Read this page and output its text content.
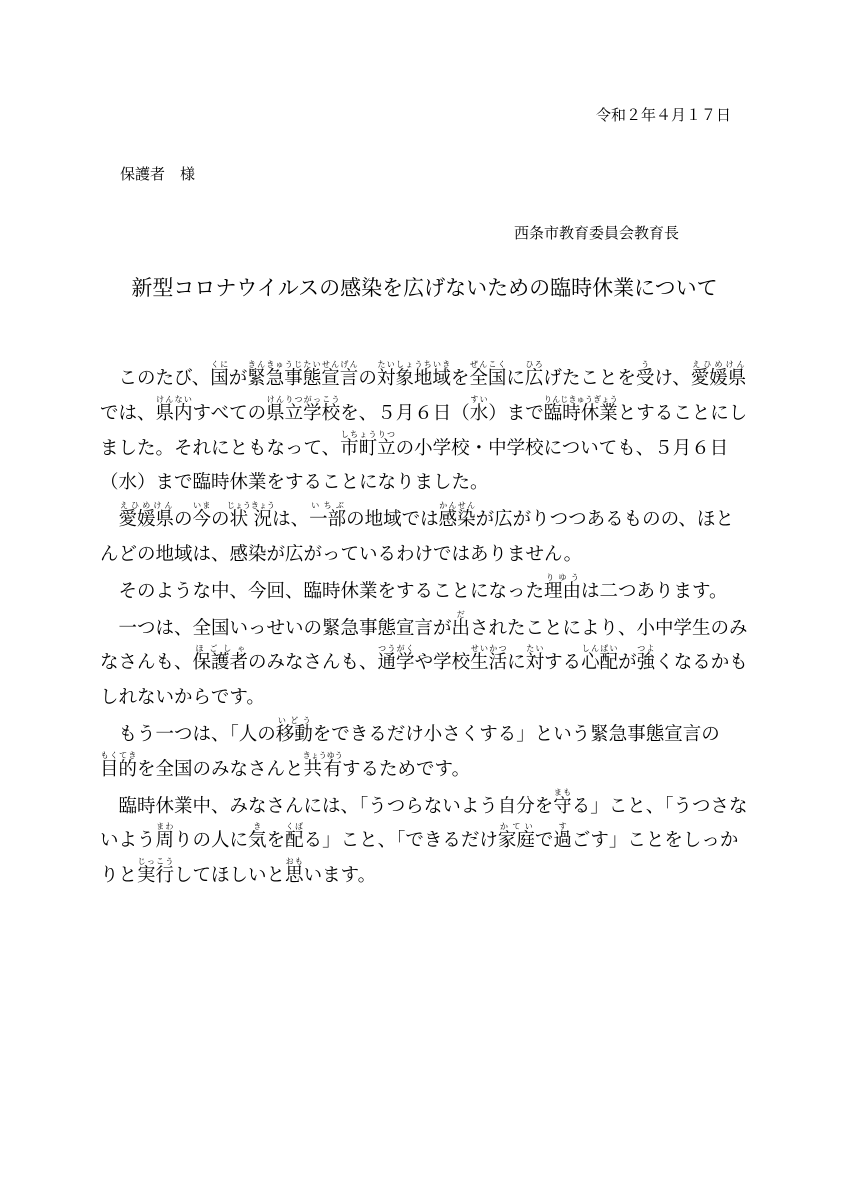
令和２年４月１７日
保護者　様
西条市教育委員会教育長
新型コロナウイルスの感染を広げないための臨時休業について

このたび、国くにが緊急事態宣言きんきゅうじたいせんげんの対象地域たいしょうちいきを全国ぜんこくに広ひろげたことを受うけ、愛媛県えひめけんでは、県内けんないすべての県立学校けんりつがっこうを、５月６日（水すい）まで臨時休業りんじきゅうぎょうとすることにしました。それにともなって、市町立しちょうりつの小学校・中学校についても、５月６日（水）まで臨時休業をすることになりました。

愛媛県えひめけんの今いまの状況じょうきょうは、一部いちぶの地域では感染かんせんが広がりつつあるものの、ほとんどの地域は、感染が広がっているわけではありません。

そのような中、今回、臨時休業をすることになった理由りゆうは二つあります。

一つは、全国いっせいの緊急事態宣言が出だされたことにより、小中学生のみなさんも、保護者ほごしゃのみなさんも、通学つうがくや学校生活せいかつに対たいする心配しんぱいが強つよくなるかもしれないからです。

もう一つは、「人の移動いどうをできるだけ小さくする」という緊急事態宣言の目的もくてきを全国のみなさんと共有きょうゆうするためです。

臨時休業中、みなさんには、「うつらないよう自分を守まもる」こと、「うつさないよう周まわりの人に気きを配くばる」こと、「できるだけ家庭かていで過すごす」ことをしっかりと実行じっこうしてほしいと思おもいます。
